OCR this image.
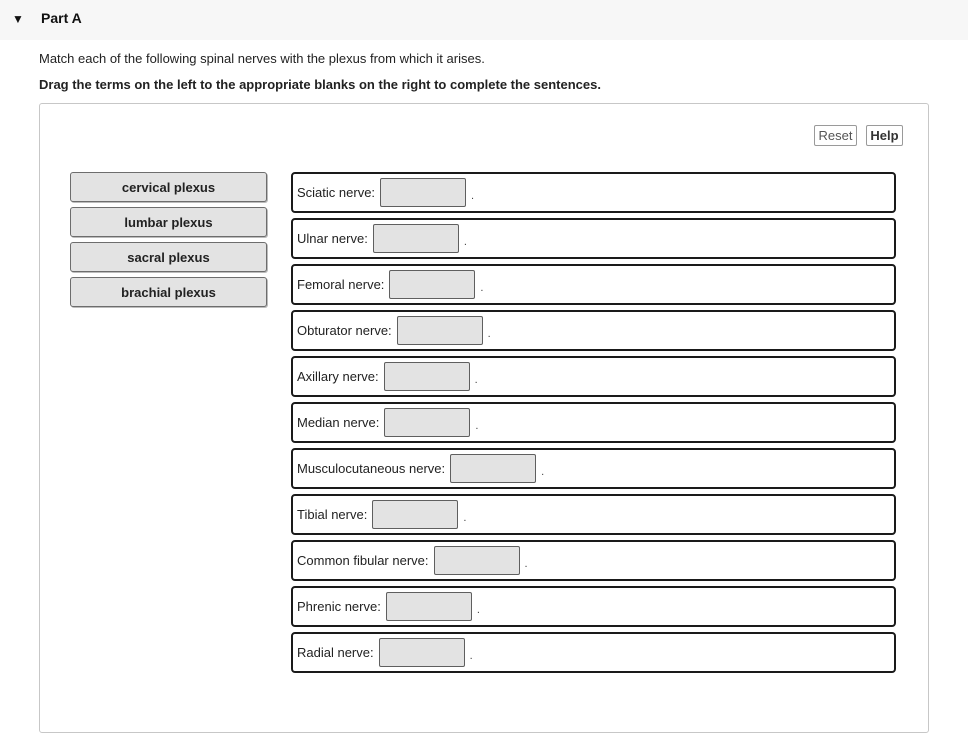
▼ Part A
Match each of the following spinal nerves with the plexus from which it arises.
Drag the terms on the left to the appropriate blanks on the right to complete the sentences.
Reset	Help
cervical plexus
lumbar plexus
sacral plexus
brachial plexus
Sciatic nerve:	.
Ulnar nerve:	.
Femoral nerve:	.
Obturator nerve:	.
Axillary nerve:	.
Median nerve:	.
Musculocutaneous nerve:	.
Tibial nerve:	.
Common fibular nerve:	.
Phrenic nerve:	.
Radial nerve:	.
